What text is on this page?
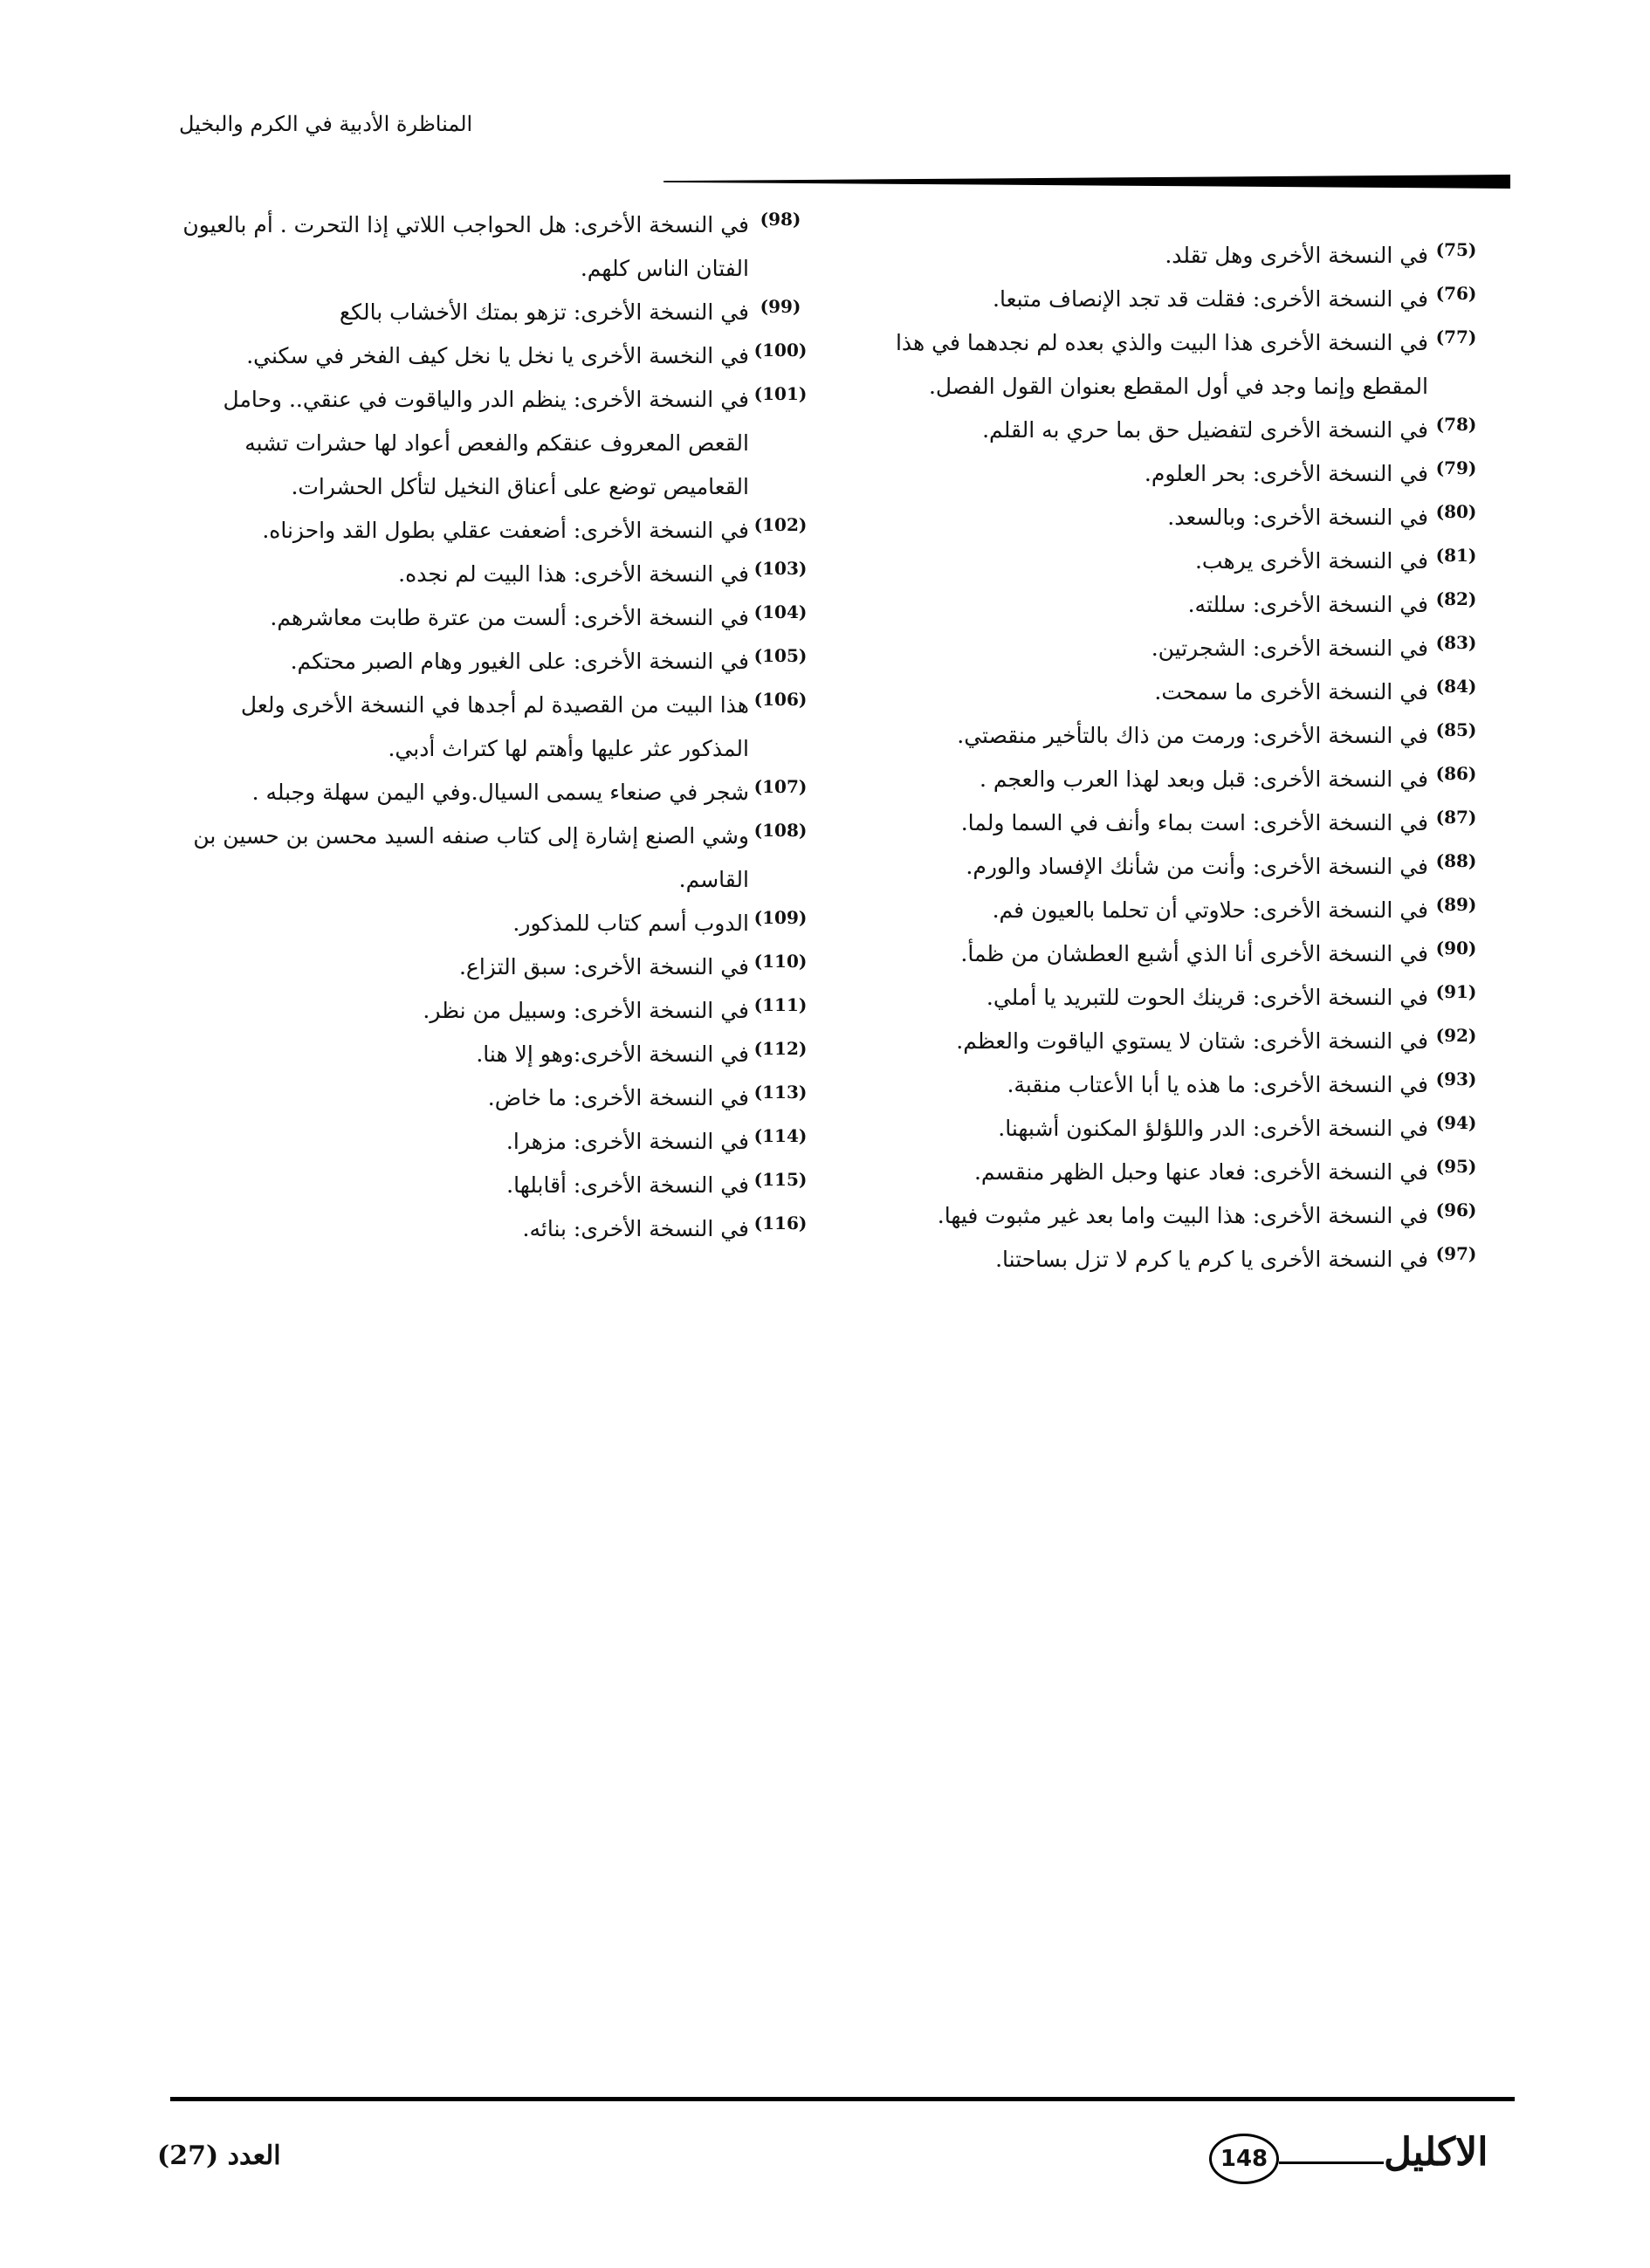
المناظرة الأدبية في الكرم والبخيل
(75)
في النسخة الأخرى وهل تقلد.
(76)
في النسخة الأخرى: فقلت قد تجد الإنصاف متبعا.
(77)
في النسخة الأخرى هذا البيت والذي بعده لم نجدهما في هذا المقطع وإنما وجد في أول المقطع بعنوان القول الفصل.
(78)
في النسخة الأخرى لتفضيل حق بما حري به القلم.
(79)
في النسخة الأخرى: بحر العلوم.
(80)
في النسخة الأخرى: وبالسعد.
(81)
في النسخة الأخرى يرهب.
(82)
في النسخة الأخرى: سللته.
(83)
في النسخة الأخرى: الشجرتين.
(84)
في النسخة الأخرى ما سمحت.
(85)
في النسخة الأخرى: ورمت من ذاك بالتأخير منقصتي.
(86)
في النسخة الأخرى: قبل وبعد لهذا العرب والعجم .
(87)
في النسخة الأخرى: است بماء وأنف في السما ولما.
(88)
في النسخة الأخرى: وأنت من شأنك الإفساد والورم.
(89)
في النسخة الأخرى: حلاوتي أن تحلما بالعيون فم.
(90)
في النسخة الأخرى أنا الذي أشبع العطشان من ظمأ.
(91)
في النسخة الأخرى: قرينك الحوت للتبريد يا أملي.
(92)
في النسخة الأخرى: شتان لا يستوي الياقوت والعظم.
(93)
في النسخة الأخرى: ما هذه يا أبا الأعتاب منقبة.
(94)
في النسخة الأخرى: الدر واللؤلؤ المكنون أشبهنا.
(95)
في النسخة الأخرى: فعاد عنها وحبل الظهر منقسم.
(96)
في النسخة الأخرى: هذا البيت واما بعد غير مثبوت فيها.
(97)
في النسخة الأخرى يا كرم يا كرم لا تزل بساحتنا.
(98)
في النسخة الأخرى: هل الحواجب اللاتي إذا التحرت . أم بالعيون الفتان الناس كلهم.
(99)
في النسخة الأخرى: تزهو بمتك الأخشاب بالكع
(100)
في النخسة الأخرى يا نخل يا نخل كيف الفخر في سكني.
(101)
في النسخة الأخرى: ينظم الدر والياقوت في عنقي.. وحامل القعص المعروف عنقكم والفعص أعواد لها حشرات تشبه القعاميص توضع على أعناق النخيل لتأكل الحشرات.
(102)
في النسخة الأخرى: أضعفت عقلي بطول القد واحزناه.
(103)
في النسخة الأخرى: هذا البيت لم نجده.
(104)
في النسخة الأخرى: ألست من عترة طابت معاشرهم.
(105)
في النسخة الأخرى: على الغيور وهام الصبر محتكم.
(106)
هذا البيت من القصيدة لم أجدها في النسخة الأخرى ولعل المذكور عثر عليها وأهتم لها كتراث أدبي.
(107)
شجر في صنعاء يسمى السيال.وفي اليمن سهلة وجبله .
(108)
وشي الصنع إشارة إلى كتاب صنفه السيد محسن بن حسين بن القاسم.
(109)
الدوب أسم كتاب للمذكور.
(110)
في النسخة الأخرى: سبق التزاع.
(111)
في النسخة الأخرى: وسبيل من نظر.
(112)
في النسخة الأخرى:وهو إلا هنا.
(113)
في النسخة الأخرى: ما خاض.
(114)
في النسخة الأخرى: مزهرا.
(115)
في النسخة الأخرى: أقابلها.
(116)
في النسخة الأخرى: بنائه.
العدد (27)	148	الاكليل
